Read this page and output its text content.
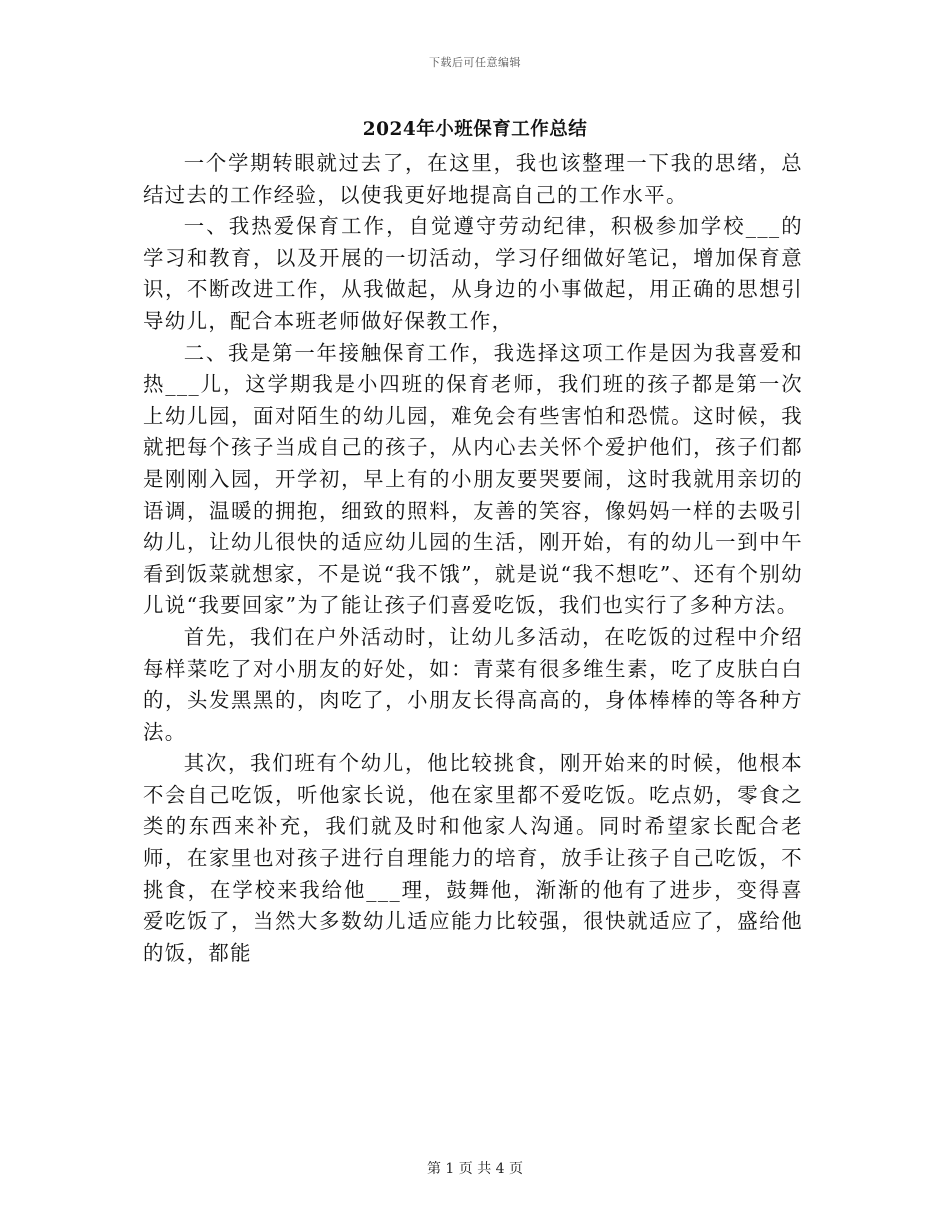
下载后可任意编辑
2024年小班保育工作总结

一个学期转眼就过去了，在这里，我也该整理一下我的思绪，总结过去的工作经验，以使我更好地提高自己的工作水平。

一、我热爱保育工作，自觉遵守劳动纪律，积极参加学校___的学习和教育，以及开展的一切活动，学习仔细做好笔记，增加保育意识，不断改进工作，从我做起，从身边的小事做起，用正确的思想引导幼儿，配合本班老师做好保教工作，

二、我是第一年接触保育工作，我选择这项工作是因为我喜爱和热___儿，这学期我是小四班的保育老师，我们班的孩子都是第一次上幼儿园，面对陌生的幼儿园，难免会有些害怕和恐慌。这时候，我就把每个孩子当成自己的孩子，从内心去关怀个爱护他们，孩子们都是刚刚入园，开学初，早上有的小朋友要哭要闹，这时我就用亲切的语调，温暖的拥抱，细致的照料，友善的笑容，像妈妈一样的去吸引幼儿，让幼儿很快的适应幼儿园的生活，刚开始，有的幼儿一到中午看到饭菜就想家，不是说“我不饿”，就是说“我不想吃”、还有个别幼儿说“我要回家”为了能让孩子们喜爱吃饭，我们也实行了多种方法。

首先，我们在户外活动时，让幼儿多活动，在吃饭的过程中介绍每样菜吃了对小朋友的好处，如：青菜有很多维生素，吃了皮肤白白的，头发黑黑的，肉吃了，小朋友长得高高的，身体棒棒的等各种方法。

其次，我们班有个幼儿，他比较挑食，刚开始来的时候，他根本不会自己吃饭，听他家长说，他在家里都不爱吃饭。吃点奶，零食之类的东西来补充，我们就及时和他家人沟通。同时希望家长配合老师，在家里也对孩子进行自理能力的培育，放手让孩子自己吃饭，不挑食，在学校来我给他___理，鼓舞他，渐渐的他有了进步，变得喜爱吃饭了，当然大多数幼儿适应能力比较强，很快就适应了，盛给他的饭，都能

第 1 页 共 4 页
